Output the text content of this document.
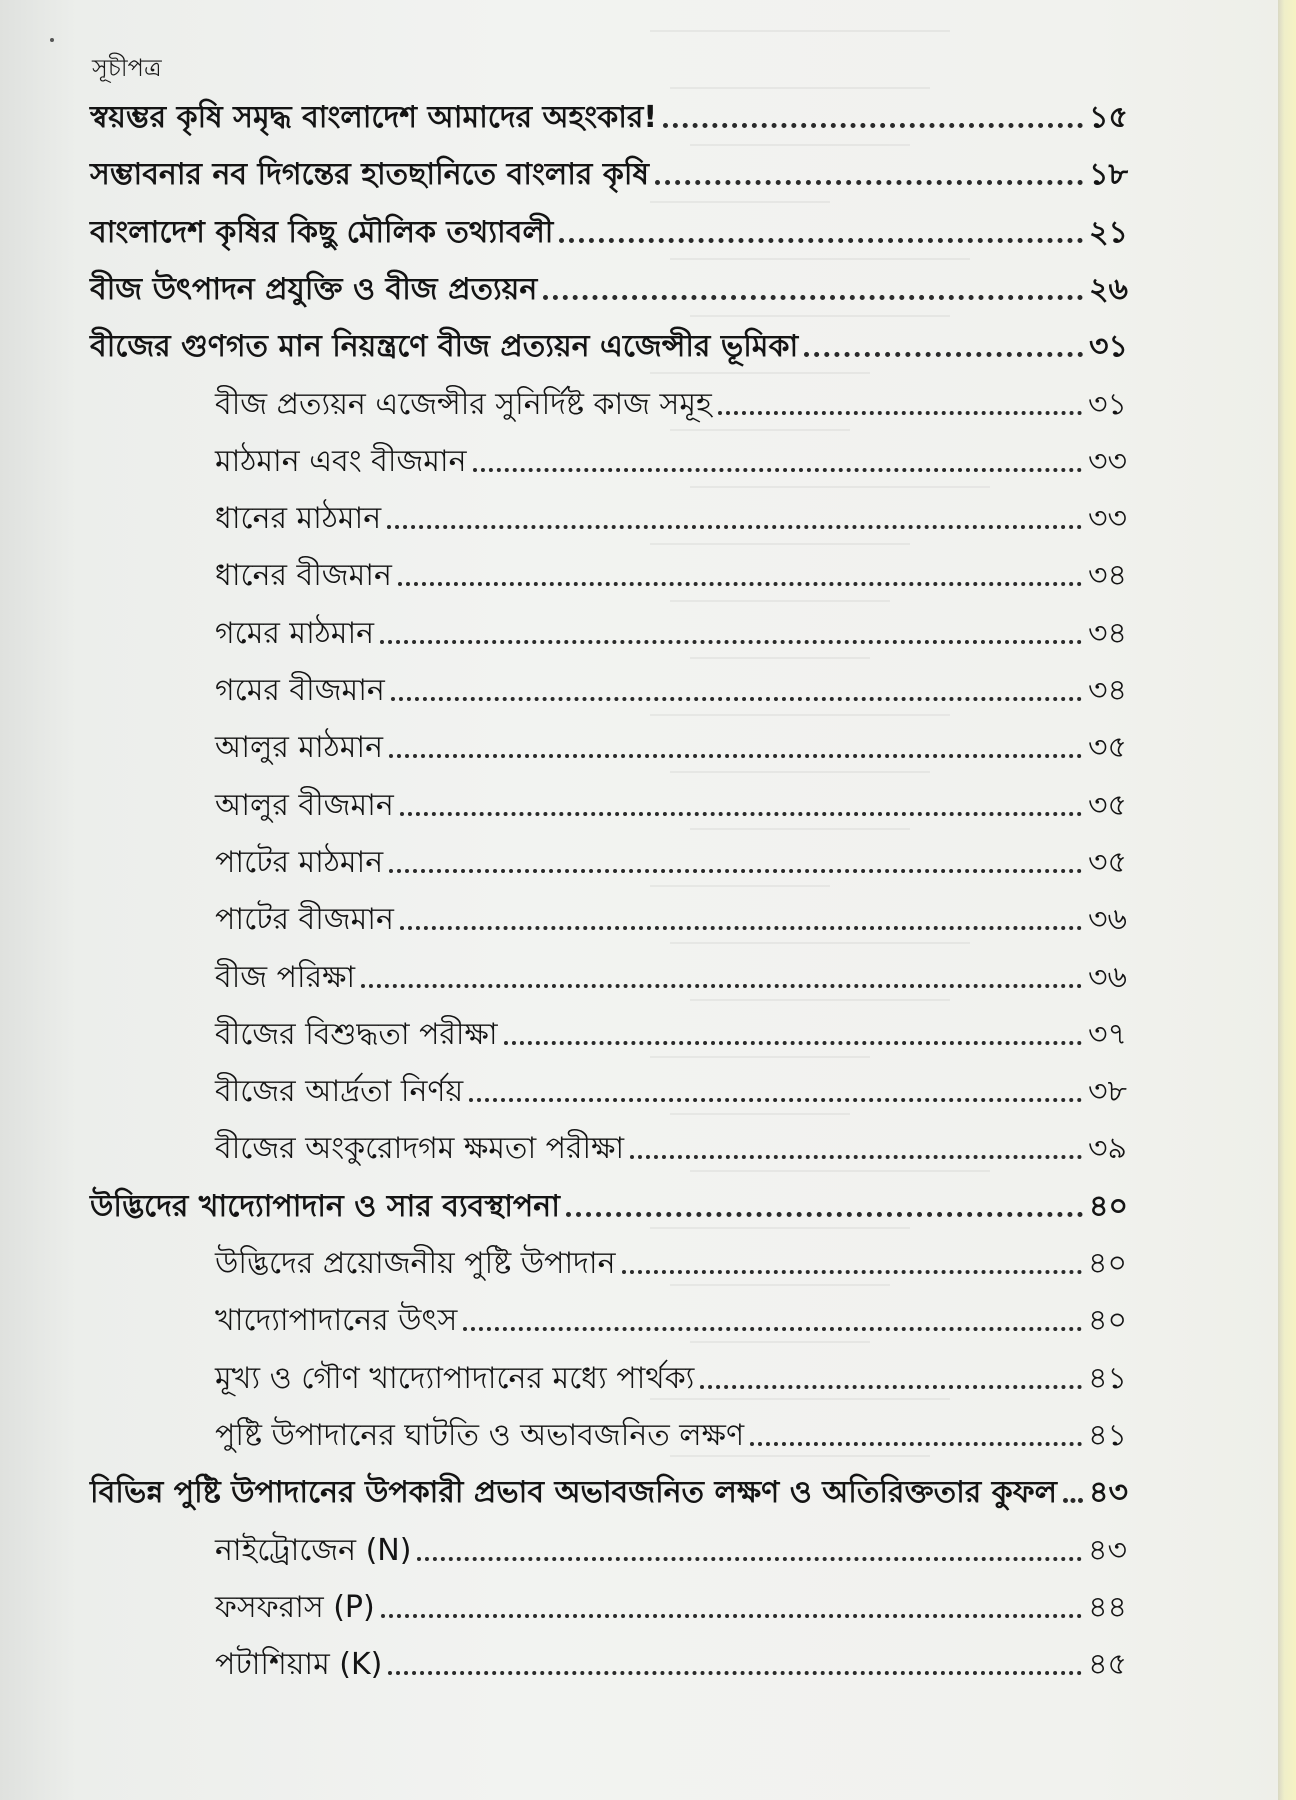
সূচীপত্র
স্বয়ম্ভর কৃষি সমৃদ্ধ বাংলাদেশ আমাদের অহংকার!	১৫
সম্ভাবনার নব দিগন্তের হাতছানিতে বাংলার কৃষি	১৮
বাংলাদেশ কৃষির কিছু মৌলিক তথ্যাবলী	২১
বীজ উৎপাদন প্রযুক্তি ও বীজ প্রত্যয়ন	২৬
বীজের গুণগত মান নিয়ন্ত্রণে বীজ প্রত্যয়ন এজেন্সীর ভূমিকা	৩১
বীজ প্রত্যয়ন এজেন্সীর সুনির্দিষ্ট কাজ সমূহ	৩১
মাঠমান এবং বীজমান	৩৩
ধানের মাঠমান	৩৩
ধানের বীজমান	৩৪
গমের মাঠমান	৩৪
গমের বীজমান	৩৪
আলুর মাঠমান	৩৫
আলুর বীজমান	৩৫
পাটের মাঠমান	৩৫
পাটের বীজমান	৩৬
বীজ পরিক্ষা	৩৬
বীজের বিশুদ্ধতা পরীক্ষা	৩৭
বীজের আর্দ্রতা নির্ণয়	৩৮
বীজের অংকুরোদগম ক্ষমতা পরীক্ষা	৩৯
উদ্ভিদের খাদ্যোপাদান ও সার ব্যবস্থাপনা	৪০
উদ্ভিদের প্রয়োজনীয় পুষ্টি উপাদান	৪০
খাদ্যোপাদানের উৎস	৪০
মূখ্য ও গৌণ খাদ্যোপাদানের মধ্যে পার্থক্য	৪১
পুষ্টি উপাদানের ঘাটতি ও অভাবজনিত লক্ষণ	৪১
বিভিন্ন পুষ্টি উপাদানের উপকারী প্রভাব অভাবজনিত লক্ষণ ও অতিরিক্ততার কুফল ৪৩
নাইট্রোজেন (N)	৪৩
ফসফরাস (P)	৪৪
পটাশিয়াম (K)	৪৫
